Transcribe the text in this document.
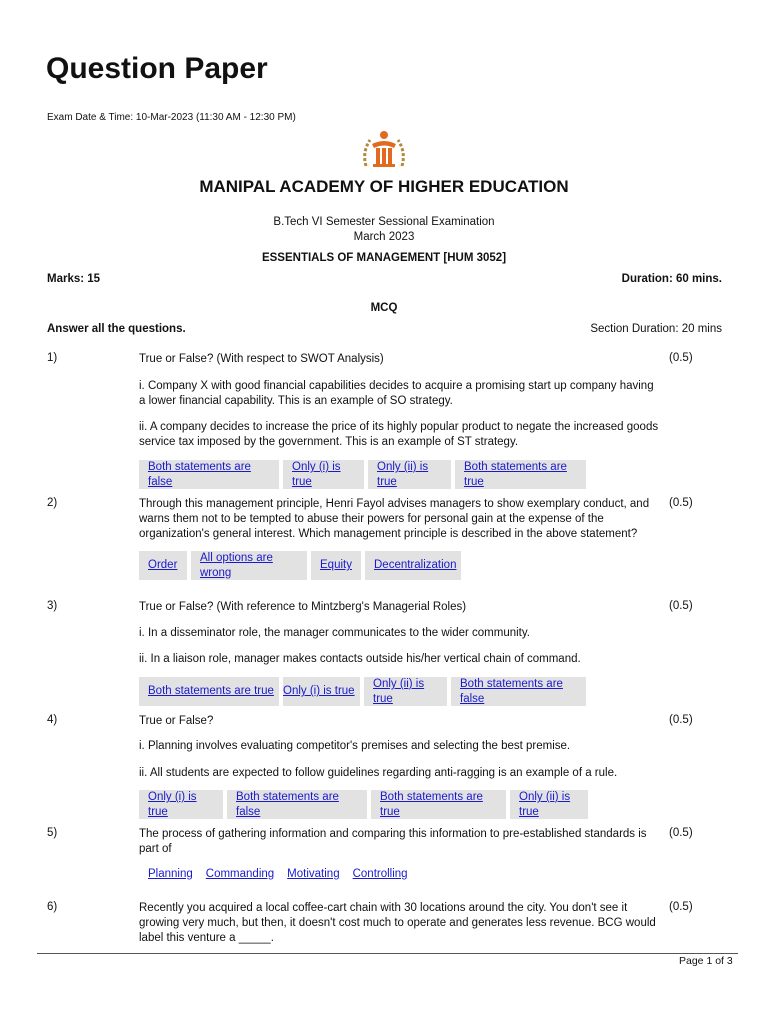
Question Paper
Exam Date & Time: 10-Mar-2023 (11:30 AM - 12:30 PM)
MANIPAL ACADEMY OF HIGHER EDUCATION
B.Tech VI Semester Sessional Examination
March 2023
ESSENTIALS OF MANAGEMENT [HUM 3052]
Marks: 15	Duration: 60 mins.
MCQ
Answer all the questions.	Section Duration: 20 mins
1)	(0.5)
True or False? (With respect to SWOT Analysis)
i. Company X with good financial capabilities decides to acquire a promising start up company having a lower financial capability. This is an example of SO strategy.
ii. A company decides to increase the price of its highly popular product to negate the increased goods service tax imposed by the government. This is an example of ST strategy.
Both statements are false
Only (i) is true
Only (ii) is true
Both statements are true
2)	(0.5)
Through this management principle, Henri Fayol advises managers to show exemplary conduct, and warns them not to be tempted to abuse their powers for personal gain at the expense of the organization's general interest. Which management principle is described in the above statement?
Order
All options are wrong
Equity	Decentralization
3)	(0.5)
True or False? (With reference to Mintzberg's Managerial Roles)
i. In a disseminator role, the manager communicates to the wider community.
ii. In a liaison role, manager makes contacts outside his/her vertical chain of command.
Both statements are true Only (i) is true
Only (ii) is true
Both statements are false
4)	(0.5)
True or False?
i. Planning involves evaluating competitor's premises and selecting the best premise.
ii. All students are expected to follow guidelines regarding anti-ragging is an example of a rule.
Only (i) is true
Both statements are false
Both statements are true
Only (ii) is true
5)	(0.5)
The process of gathering information and comparing this information to pre-established standards is part of
Planning	Commanding	Motivating	Controlling
6)	(0.5)
Recently you acquired a local coffee-cart chain with 30 locations around the city. You don't see it growing very much, but then, it doesn't cost much to operate and generates less revenue. BCG would label this venture a _____.
Page 1 of 3
